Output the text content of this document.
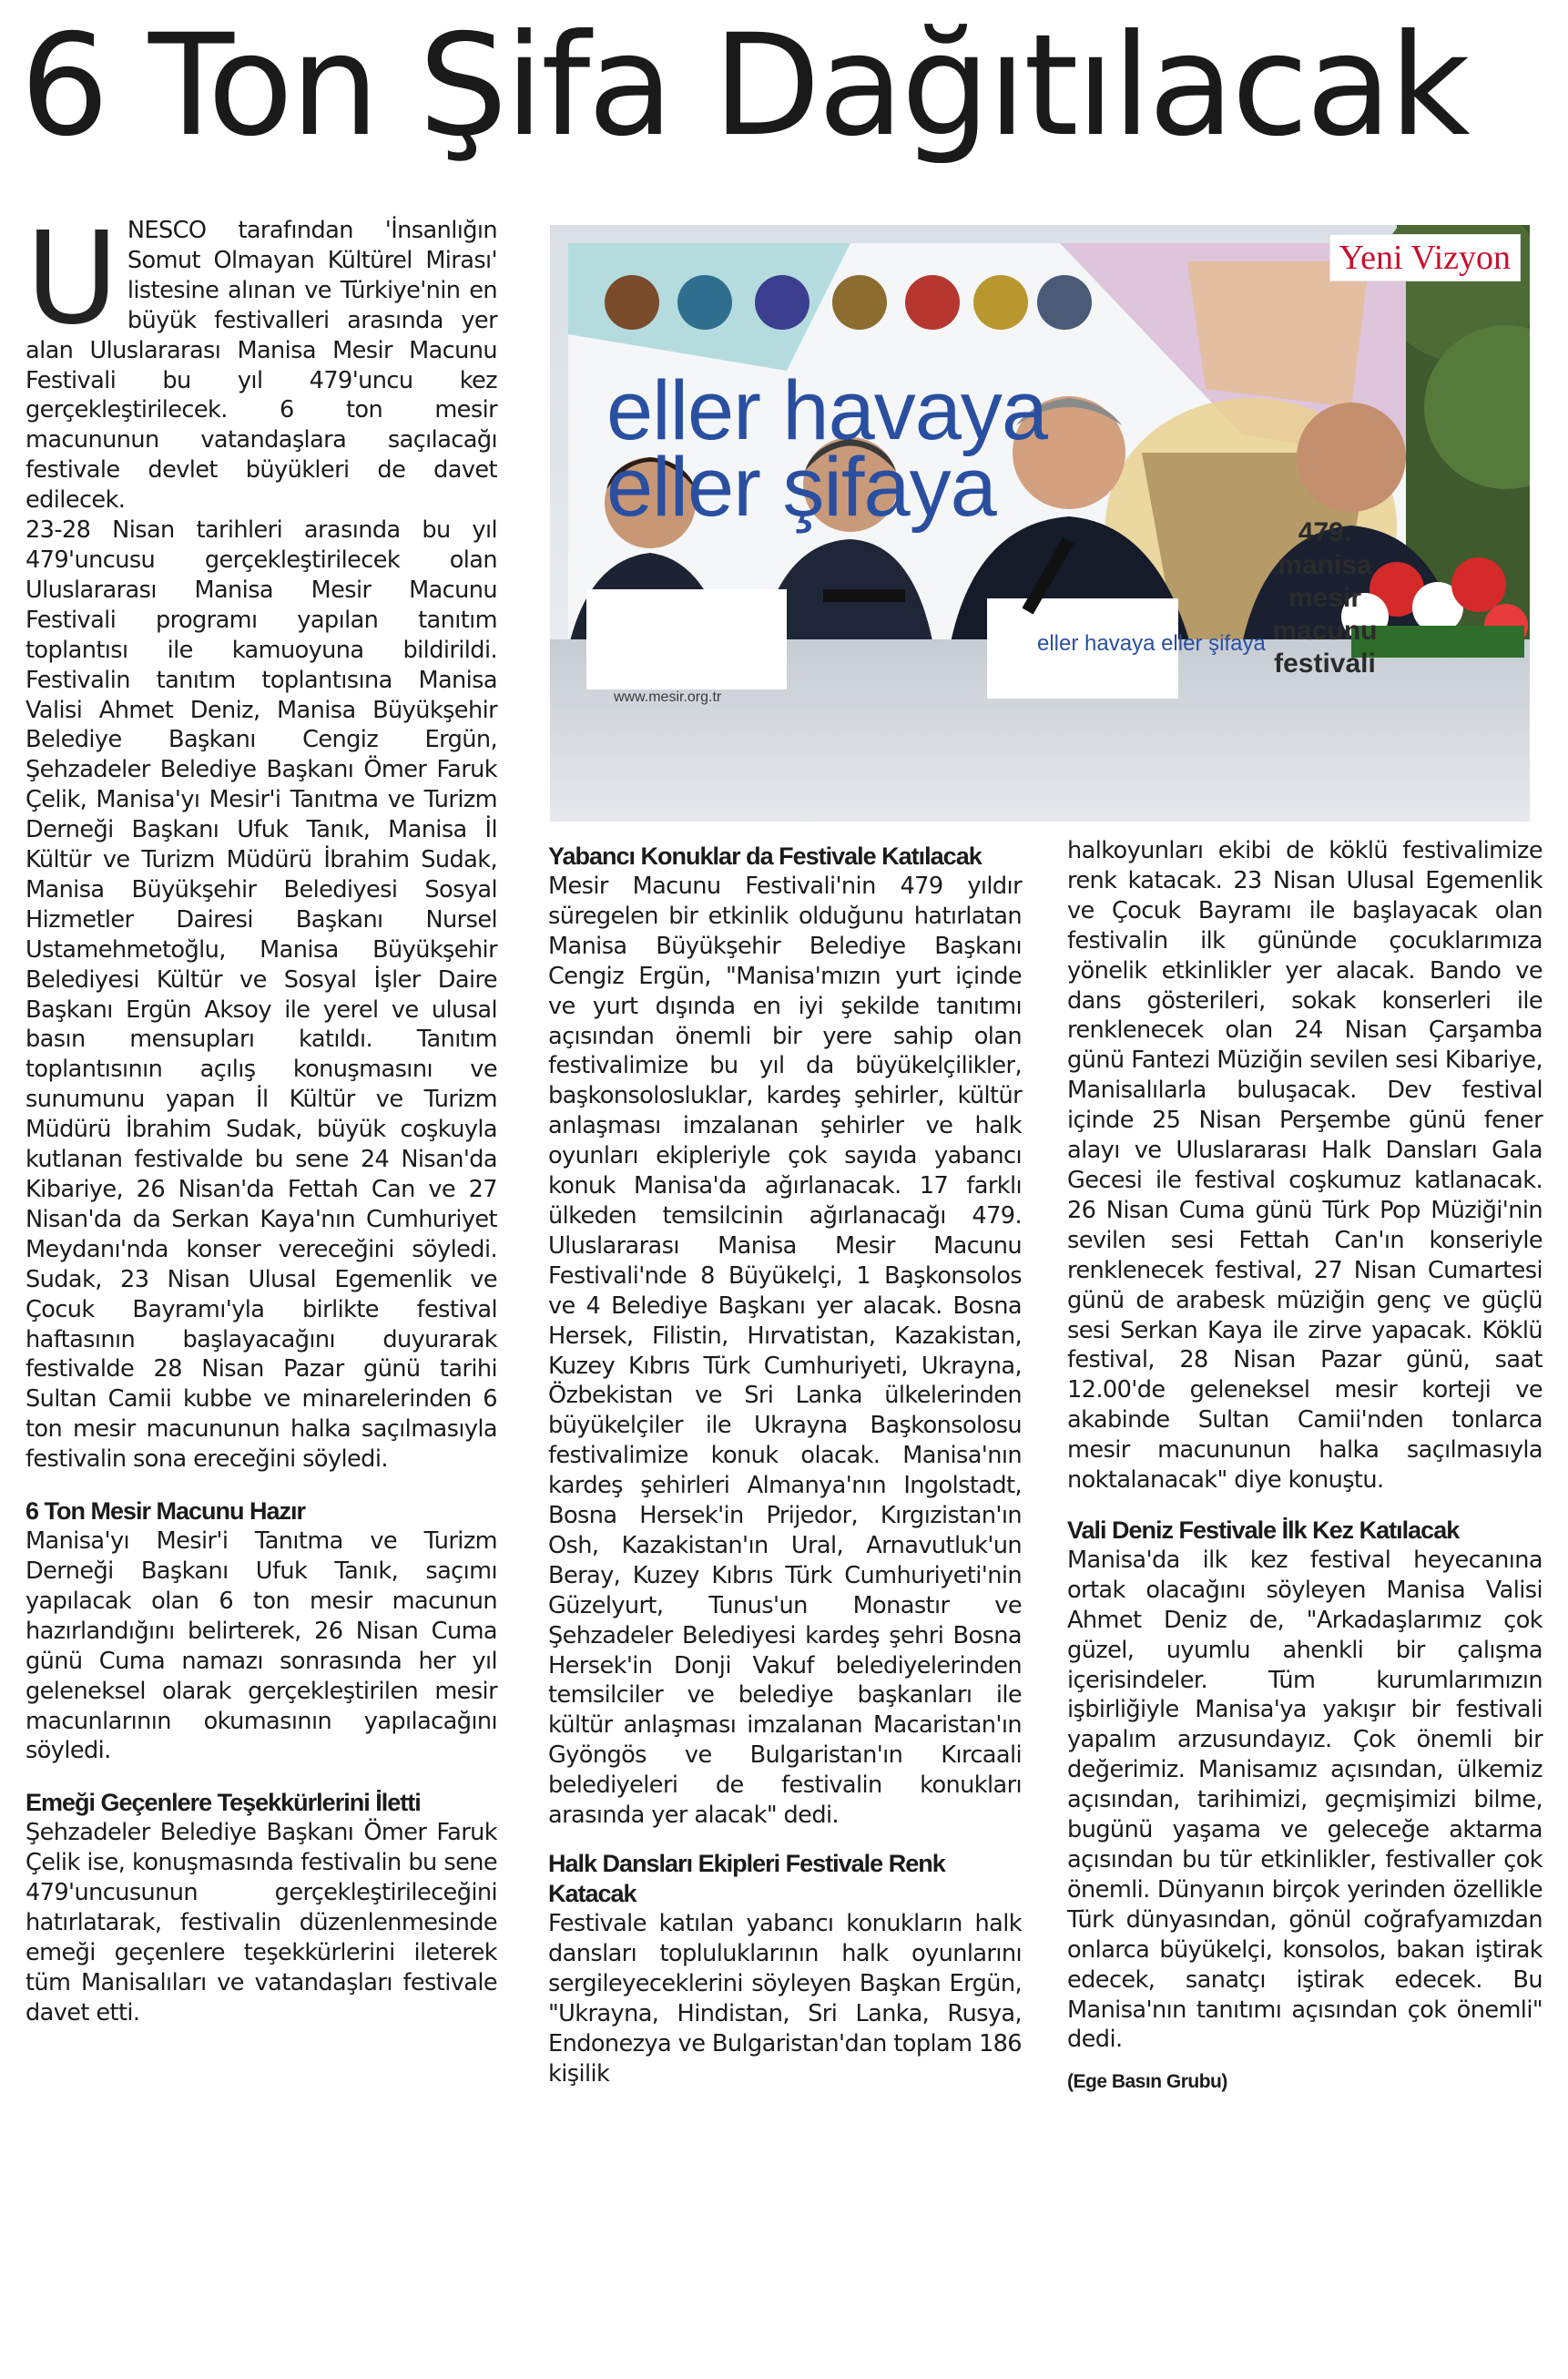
6 Ton Şifa Dağıtılacak
eller havaya
eller şifaya	479. manisa mesir macunu festivali
eller havaya eller şifaya
www.mesir.org.tr
Yeni Vizyon

UNESCO tarafından 'İnsanlığın Somut Olmayan Kültürel Mirası' listesine alınan ve Türkiye'nin en büyük festivalleri arasında yer alan Uluslararası Manisa Mesir Macunu Festivali bu yıl 479'uncu kez gerçekleştirilecek. 6 ton mesir macununun vatandaşlara saçılacağı festivale devlet büyükleri de davet edilecek.

23-28 Nisan tarihleri arasında bu yıl 479'uncusu gerçekleştirilecek olan Uluslararası Manisa Mesir Macunu Festivali programı yapılan tanıtım toplantısı ile kamuoyuna bildirildi. Festivalin tanıtım toplantısına Manisa Valisi Ahmet Deniz, Manisa Büyükşehir Belediye Başkanı Cengiz Ergün, Şehzadeler Belediye Başkanı Ömer Faruk Çelik, Manisa'yı Mesir'i Tanıtma ve Turizm Derneği Başkanı Ufuk Tanık, Manisa İl Kültür ve Turizm Müdürü İbrahim Sudak, Manisa Büyükşehir Belediyesi Sosyal Hizmetler Dairesi Başkanı Nursel Ustamehmetoğlu, Manisa Büyükşehir Belediyesi Kültür ve Sosyal İşler Daire Başkanı Ergün Aksoy ile yerel ve ulusal basın mensupları katıldı. Tanıtım toplantısının açılış konuşmasını ve sunumunu yapan İl Kültür ve Turizm Müdürü İbrahim Sudak, büyük coşkuyla kutlanan festivalde bu sene 24 Nisan'da Kibariye, 26 Nisan'da Fettah Can ve 27 Nisan'da da Serkan Kaya'nın Cumhuriyet Meydanı'nda konser vereceğini söyledi. Sudak, 23 Nisan Ulusal Egemenlik ve Çocuk Bayramı'yla birlikte festival haftasının başlayacağını duyurarak festivalde 28 Nisan Pazar günü tarihi Sultan Camii kubbe ve minarelerinden 6 ton mesir macununun halka saçılmasıyla festivalin sona ereceğini söyledi.

6 Ton Mesir Macunu Hazır

Manisa'yı Mesir'i Tanıtma ve Turizm Derneği Başkanı Ufuk Tanık, saçımı yapılacak olan 6 ton mesir macunun hazırlandığını belirterek, 26 Nisan Cuma günü Cuma namazı sonrasında her yıl geleneksel olarak gerçekleştirilen mesir macunlarının okumasının yapılacağını söyledi.

Emeği Geçenlere Teşekkürlerini İletti

Şehzadeler Belediye Başkanı Ömer Faruk Çelik ise, konuşmasında festivalin bu sene 479'uncusunun gerçekleştirileceğini hatırlatarak, festivalin düzenlenmesinde emeği geçenlere teşekkürlerini ileterek tüm Manisalıları ve vatandaşları festivale davet etti.

Yabancı Konuklar da Festivale Katılacak

Mesir Macunu Festivali'nin 479 yıldır süregelen bir etkinlik olduğunu hatırlatan Manisa Büyükşehir Belediye Başkanı Cengiz Ergün, "Manisa'mızın yurt içinde ve yurt dışında en iyi şekilde tanıtımı açısından önemli bir yere sahip olan festivalimize bu yıl da büyükelçilikler, başkonsolosluklar, kardeş şehirler, kültür anlaşması imzalanan şehirler ve halk oyunları ekipleriyle çok sayıda yabancı konuk Manisa'da ağırlanacak. 17 farklı ülkeden temsilcinin ağırlanacağı 479. Uluslararası Manisa Mesir Macunu Festivali'nde 8 Büyükelçi, 1 Başkonsolos ve 4 Belediye Başkanı yer alacak. Bosna Hersek, Filistin, Hırvatistan, Kazakistan, Kuzey Kıbrıs Türk Cumhuriyeti, Ukrayna, Özbekistan ve Sri Lanka ülkelerinden büyükelçiler ile Ukrayna Başkonsolosu festivalimize konuk olacak. Manisa'nın kardeş şehirleri Almanya'nın Ingolstadt, Bosna Hersek'in Prijedor, Kırgızistan'ın Osh, Kazakistan'ın Ural, Arnavutluk'un Beray, Kuzey Kıbrıs Türk Cumhuriyeti'nin Güzelyurt, Tunus'un Monastır ve Şehzadeler Belediyesi kardeş şehri Bosna Hersek'in Donji Vakuf belediyelerinden temsilciler ve belediye başkanları ile kültür anlaşması imzalanan Macaristan'ın Gyöngös ve Bulgaristan'ın Kırcaali belediyeleri de festivalin konukları arasında yer alacak" dedi.

Halk Dansları Ekipleri Festivale Renk Katacak

Festivale katılan yabancı konukların halk dansları topluluklarının halk oyunlarını sergileyeceklerini söyleyen Başkan Ergün, "Ukrayna, Hindistan, Sri Lanka, Rusya, Endonezya ve Bulgaristan'dan toplam 186 kişilik

halkoyunları ekibi de köklü festivalimize renk katacak. 23 Nisan Ulusal Egemenlik ve Çocuk Bayramı ile başlayacak olan festivalin ilk gününde çocuklarımıza yönelik etkinlikler yer alacak. Bando ve dans gösterileri, sokak konserleri ile renklenecek olan 24 Nisan Çarşamba günü Fantezi Müziğin sevilen sesi Kibariye, Manisalılarla buluşacak. Dev festival içinde 25 Nisan Perşembe günü fener alayı ve Uluslararası Halk Dansları Gala Gecesi ile festival coşkumuz katlanacak. 26 Nisan Cuma günü Türk Pop Müziği'nin sevilen sesi Fettah Can'ın konseriyle renklenecek festival, 27 Nisan Cumartesi günü de arabesk müziğin genç ve güçlü sesi Serkan Kaya ile zirve yapacak. Köklü festival, 28 Nisan Pazar günü, saat 12.00'de geleneksel mesir korteji ve akabinde Sultan Camii'nden tonlarca mesir macununun halka saçılmasıyla noktalanacak" diye konuştu.

Vali Deniz Festivale İlk Kez Katılacak

Manisa'da ilk kez festival heyecanına ortak olacağını söyleyen Manisa Valisi Ahmet Deniz de, "Arkadaşlarımız çok güzel, uyumlu ahenkli bir çalışma içerisindeler. Tüm kurumlarımızın işbirliğiyle Manisa'ya yakışır bir festivali yapalım arzusundayız. Çok önemli bir değerimiz. Manisamız açısından, ülkemiz açısından, tarihimizi, geçmişimizi bilme, bugünü yaşama ve geleceğe aktarma açısından bu tür etkinlikler, festivaller çok önemli. Dünyanın birçok yerinden özellikle Türk dünyasından, gönül coğrafyamızdan onlarca büyükelçi, konsolos, bakan iştirak edecek, sanatçı iştirak edecek. Bu Manisa'nın tanıtımı açısından çok önemli" dedi.

(Ege Basın Grubu)
